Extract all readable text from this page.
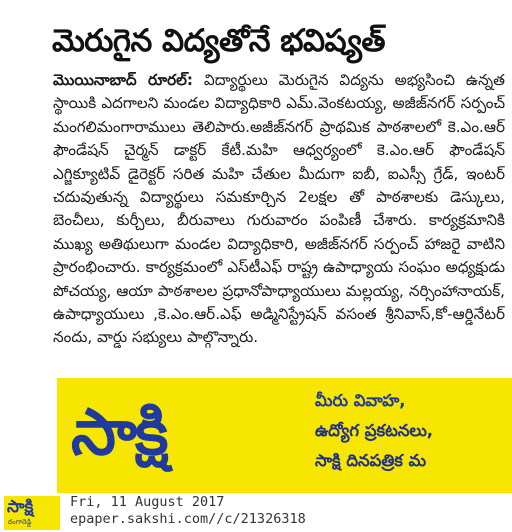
మెరుగైన విద్యతోనే భవిష్యత్
మొయినాబాద్ రూరల్: విద్యార్థులు మెరుగైన విద్యను అభ్యసించి ఉన్నత స్థాయికి ఎదగాలని మండల విద్యాధికారి ఎమ్.వెంకటయ్య, అజీజ్‌నగర్ సర్పంచ్ మంగలిమంగారాములు తెలిపారు.అజీజ్‌నగర్ ప్రాథమిక పాఠశాలలో కె.ఎం.ఆర్ ఫౌండేషన్ చైర్మన్ డాక్టర్ కేటీ.మహి ఆధ్వర్యంలో కె.ఎం.ఆర్ ఫౌండేషన్ ఎగ్జిక్యూటివ్ డైరెక్టర్ సరిత మహి చేతుల మీదుగా ఐబీ, ఐఎస్సీ గ్రేడ్, ఇంటర్ చదువుతున్న విద్యార్థులు సమకూర్చిన 2లక్షల తో పాఠశాలకు డెస్కులు, బెంచీలు, కుర్చీలు, బీరువాలు గురువారం పంపిణీ చేశారు. కార్యక్రమానికి ముఖ్య అతిథులుగా మండల విద్యాధికారి, అజీజ్‌నగర్ సర్పంచ్ హాజరై వాటిని ప్రారంభించారు. కార్యక్రమంలో ఎస్‌టీఎఫ్ రాష్ట్ర ఉపాధ్యాయ సంఘం అధ్యక్షుడు పోచయ్య, ఆయా పాఠశాలల ప్రధానోపాధ్యాయులు మల్లయ్య, నర్సింహానాయక్, ఉపాధ్యాయులు ,కె.ఎం.ఆర్.ఎఫ్ అడ్మినిస్ట్రేషన్ వసంత శ్రీనివాస్,కో-ఆర్డినేటర్ నందు, వార్డు సభ్యులు పాల్గొన్నారు.
సాక్షి	మీరు వివాహ,
ఉద్యోగ ప్రకటనలు,
సాక్షి దినపత్రిక మ
సాక్షి
రంగారెడ్డి
Fri, 11 August 2017
epaper.sakshi.com//c/21326318
